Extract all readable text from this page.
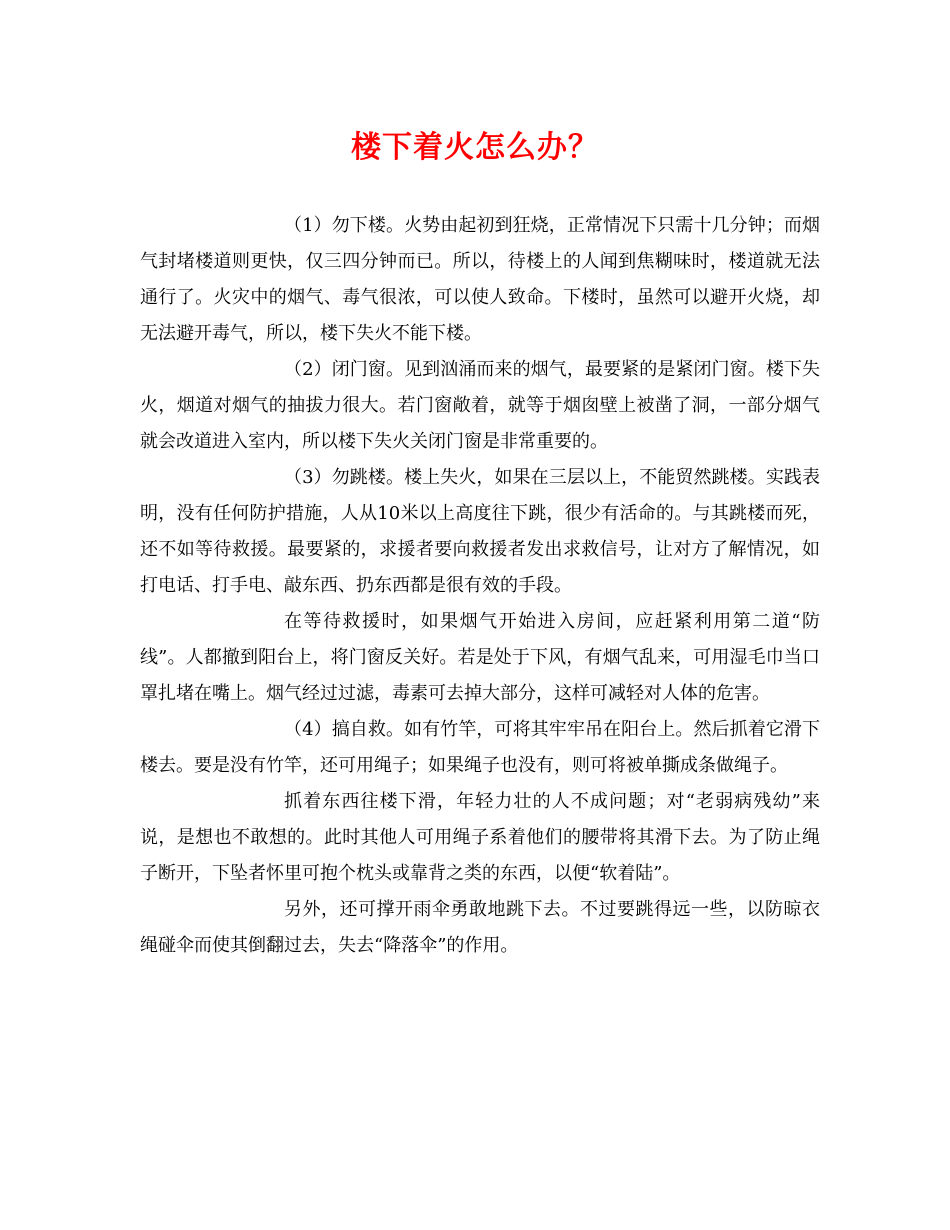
楼下着火怎么办？

（1）勿下楼。火势由起初到狂烧，正常情况下只需十几分钟；而烟气封堵楼道则更快，仅三四分钟而已。所以，待楼上的人闻到焦糊味时，楼道就无法通行了。火灾中的烟气、毒气很浓，可以使人致命。下楼时，虽然可以避开火烧，却无法避开毒气，所以，楼下失火不能下楼。

（2）闭门窗。见到汹涌而来的烟气，最要紧的是紧闭门窗。楼下失火，烟道对烟气的抽拔力很大。若门窗敞着，就等于烟囱壁上被凿了洞，一部分烟气就会改道进入室内，所以楼下失火关闭门窗是非常重要的。

（3）勿跳楼。楼上失火，如果在三层以上，不能贸然跳楼。实践表明，没有任何防护措施，人从10米以上高度往下跳，很少有活命的。与其跳楼而死，还不如等待救援。最要紧的，求援者要向救援者发出求救信号，让对方了解情况，如打电话、打手电、敲东西、扔东西都是很有效的手段。

在等待救援时，如果烟气开始进入房间，应赶紧利用第二道“防线”。人都撤到阳台上，将门窗反关好。若是处于下风，有烟气乱来，可用湿毛巾当口罩扎堵在嘴上。烟气经过过滤，毒素可去掉大部分，这样可减轻对人体的危害。

（4）搞自救。如有竹竿，可将其牢牢吊在阳台上。然后抓着它滑下楼去。要是没有竹竿，还可用绳子；如果绳子也没有，则可将被单撕成条做绳子。

抓着东西往楼下滑，年轻力壮的人不成问题；对“老弱病残幼”来说，是想也不敢想的。此时其他人可用绳子系着他们的腰带将其滑下去。为了防止绳子断开，下坠者怀里可抱个枕头或靠背之类的东西，以便“软着陆”。

另外，还可撑开雨伞勇敢地跳下去。不过要跳得远一些，以防晾衣绳碰伞而使其倒翻过去，失去“降落伞”的作用。
